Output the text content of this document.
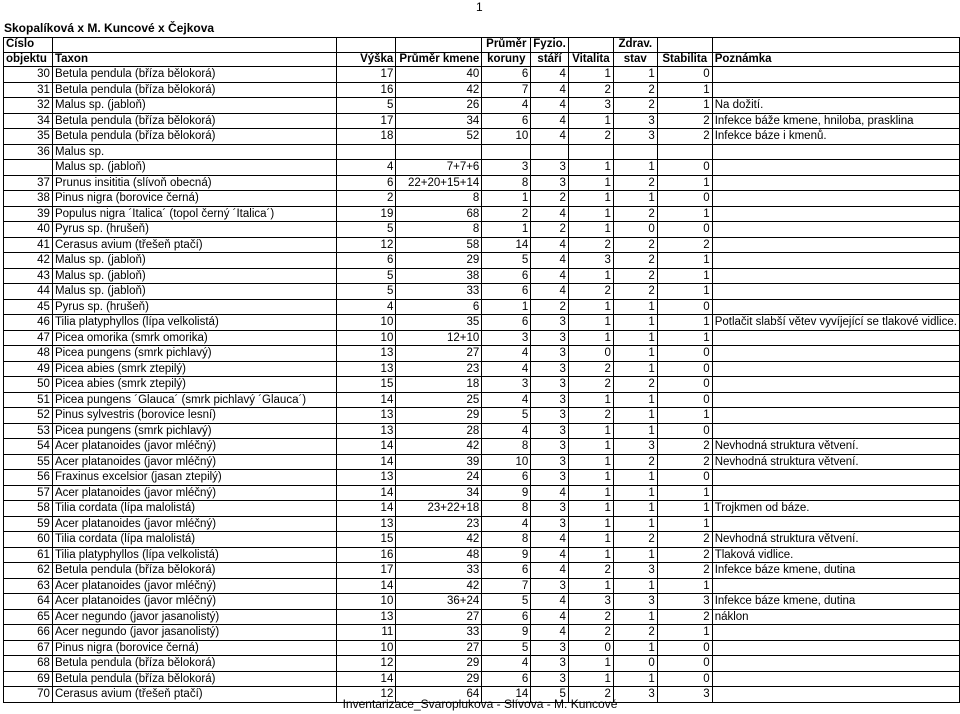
1
Skopalíková x M. Kuncové x Čejkova
Číslo				Průměr	Fyzio.		Zdrav.		
objektu	Taxon	Výška	Průměr kmene	koruny	stáří	Vitalita	stav	Stabilita	Poznámka
30	Betula pendula (bříza bělokorá)	17	40	6	4	1	1	0	
31	Betula pendula (bříza bělokorá)	16	42	7	4	2	2	1	
32	Malus sp. (jabloň)	5	26	4	4	3	2	1	Na dožití.
34	Betula pendula (bříza bělokorá)	17	34	6	4	1	3	2	Infekce báže kmene, hniloba, prasklina
35	Betula pendula (bříza bělokorá)	18	52	10	4	2	3	2	Infekce báze i kmenů.
36	Malus sp.								
	Malus sp. (jabloň)	4	7+7+6	3	3	1	1	0	
37	Prunus insititia (slívoň obecná)	6	22+20+15+14	8	3	1	2	1	
38	Pinus nigra (borovice černá)	2	8	1	2	1	1	0	
39	Populus nigra ´Italica´ (topol černý ´Italica´)	19	68	2	4	1	2	1	
40	Pyrus sp. (hrušeň)	5	8	1	2	1	0	0	
41	Cerasus avium (třešeň ptačí)	12	58	14	4	2	2	2	
42	Malus sp. (jabloň)	6	29	5	4	3	2	1	
43	Malus sp. (jabloň)	5	38	6	4	1	2	1	
44	Malus sp. (jabloň)	5	33	6	4	2	2	1	
45	Pyrus sp. (hrušeň)	4	6	1	2	1	1	0	
46	Tilia platyphyllos (lípa velkolistá)	10	35	6	3	1	1	1	Potlačit slabší větev vyvíjející se tlakové vidlice.
47	Picea omorika (smrk omorika)	10	12+10	3	3	1	1	1	
48	Picea pungens (smrk pichlavý)	13	27	4	3	0	1	0	
49	Picea abies (smrk ztepilý)	13	23	4	3	2	1	0	
50	Picea abies (smrk ztepilý)	15	18	3	3	2	2	0	
51	Picea pungens ´Glauca´ (smrk pichlavý ´Glauca´)	14	25	4	3	1	1	0	
52	Pinus sylvestris (borovice lesní)	13	29	5	3	2	1	1	
53	Picea pungens (smrk pichlavý)	13	28	4	3	1	1	0	
54	Acer platanoides (javor mléčný)	14	42	8	3	1	3	2	Nevhodná struktura větvení.
55	Acer platanoides (javor mléčný)	14	39	10	3	1	2	2	Nevhodná struktura větvení.
56	Fraxinus excelsior (jasan ztepilý)	13	24	6	3	1	1	0	
57	Acer platanoides (javor mléčný)	14	34	9	4	1	1	1	
58	Tilia cordata (lípa malolistá)	14	23+22+18	8	3	1	1	1	Trojkmen od báze.
59	Acer platanoides (javor mléčný)	13	23	4	3	1	1	1	
60	Tilia cordata (lípa malolistá)	15	42	8	4	1	2	2	Nevhodná struktura větvení.
61	Tilia platyphyllos (lípa velkolistá)	16	48	9	4	1	1	2	Tlaková vidlice.
62	Betula pendula (bříza bělokorá)	17	33	6	4	2	3	2	Infekce báze kmene, dutina
63	Acer platanoides (javor mléčný)	14	42	7	3	1	1	1	
64	Acer platanoides (javor mléčný)	10	36+24	5	4	3	3	3	Infekce báze kmene, dutina
65	Acer negundo (javor jasanolistý)	13	27	6	4	2	1	2	náklon
66	Acer negundo (javor jasanolistý)	11	33	9	4	2	2	1	
67	Pinus nigra (borovice černá)	10	27	5	3	0	1	0	
68	Betula pendula (bříza bělokorá)	12	29	4	3	1	0	0	
69	Betula pendula (bříza bělokorá)	14	29	6	3	1	1	0	
70	Cerasus avium (třešeň ptačí)	12	64	14	5	2	3	3	
Inventarizace_Svaroplukova - Slívova - M. Kuncové
